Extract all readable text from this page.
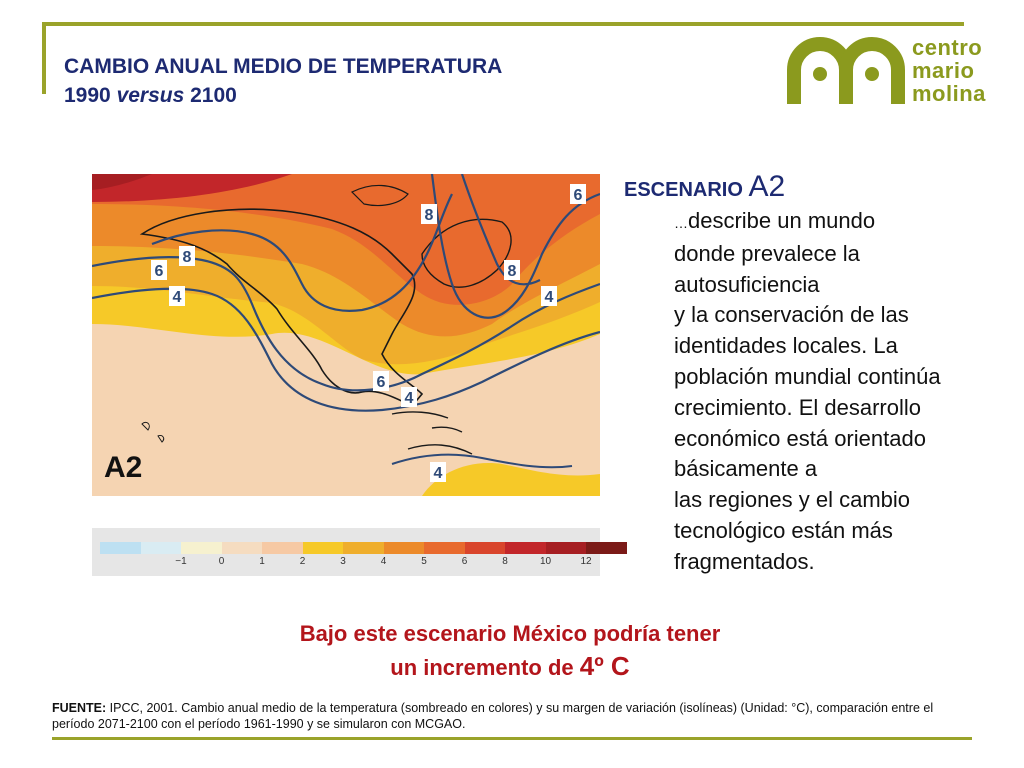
CAMBIO ANUAL MEDIO DE TEMPERATURA
1990 versus 2100
centro
mario
molina
6
8
8
6
4
8
4
6
4
4
A2
−1	0	1	2	3	4	5	6	8	10	12
ESCENARIO A2
…describe un mundo
donde prevalece la
autosuficiencia
y la conservación de las
identidades locales. La
población mundial continúa
crecimiento. El desarrollo
económico está orientado
básicamente a
las regiones y el cambio
tecnológico están más
fragmentados.
Bajo este escenario México podría tener
un incremento de 4º C
FUENTE: IPCC, 2001. Cambio anual medio de la temperatura (sombreado en colores) y su margen de variación (isolíneas) (Unidad: °C), comparación entre el período 2071-2100 con el período 1961-1990 y se simularon con MCGAO.
